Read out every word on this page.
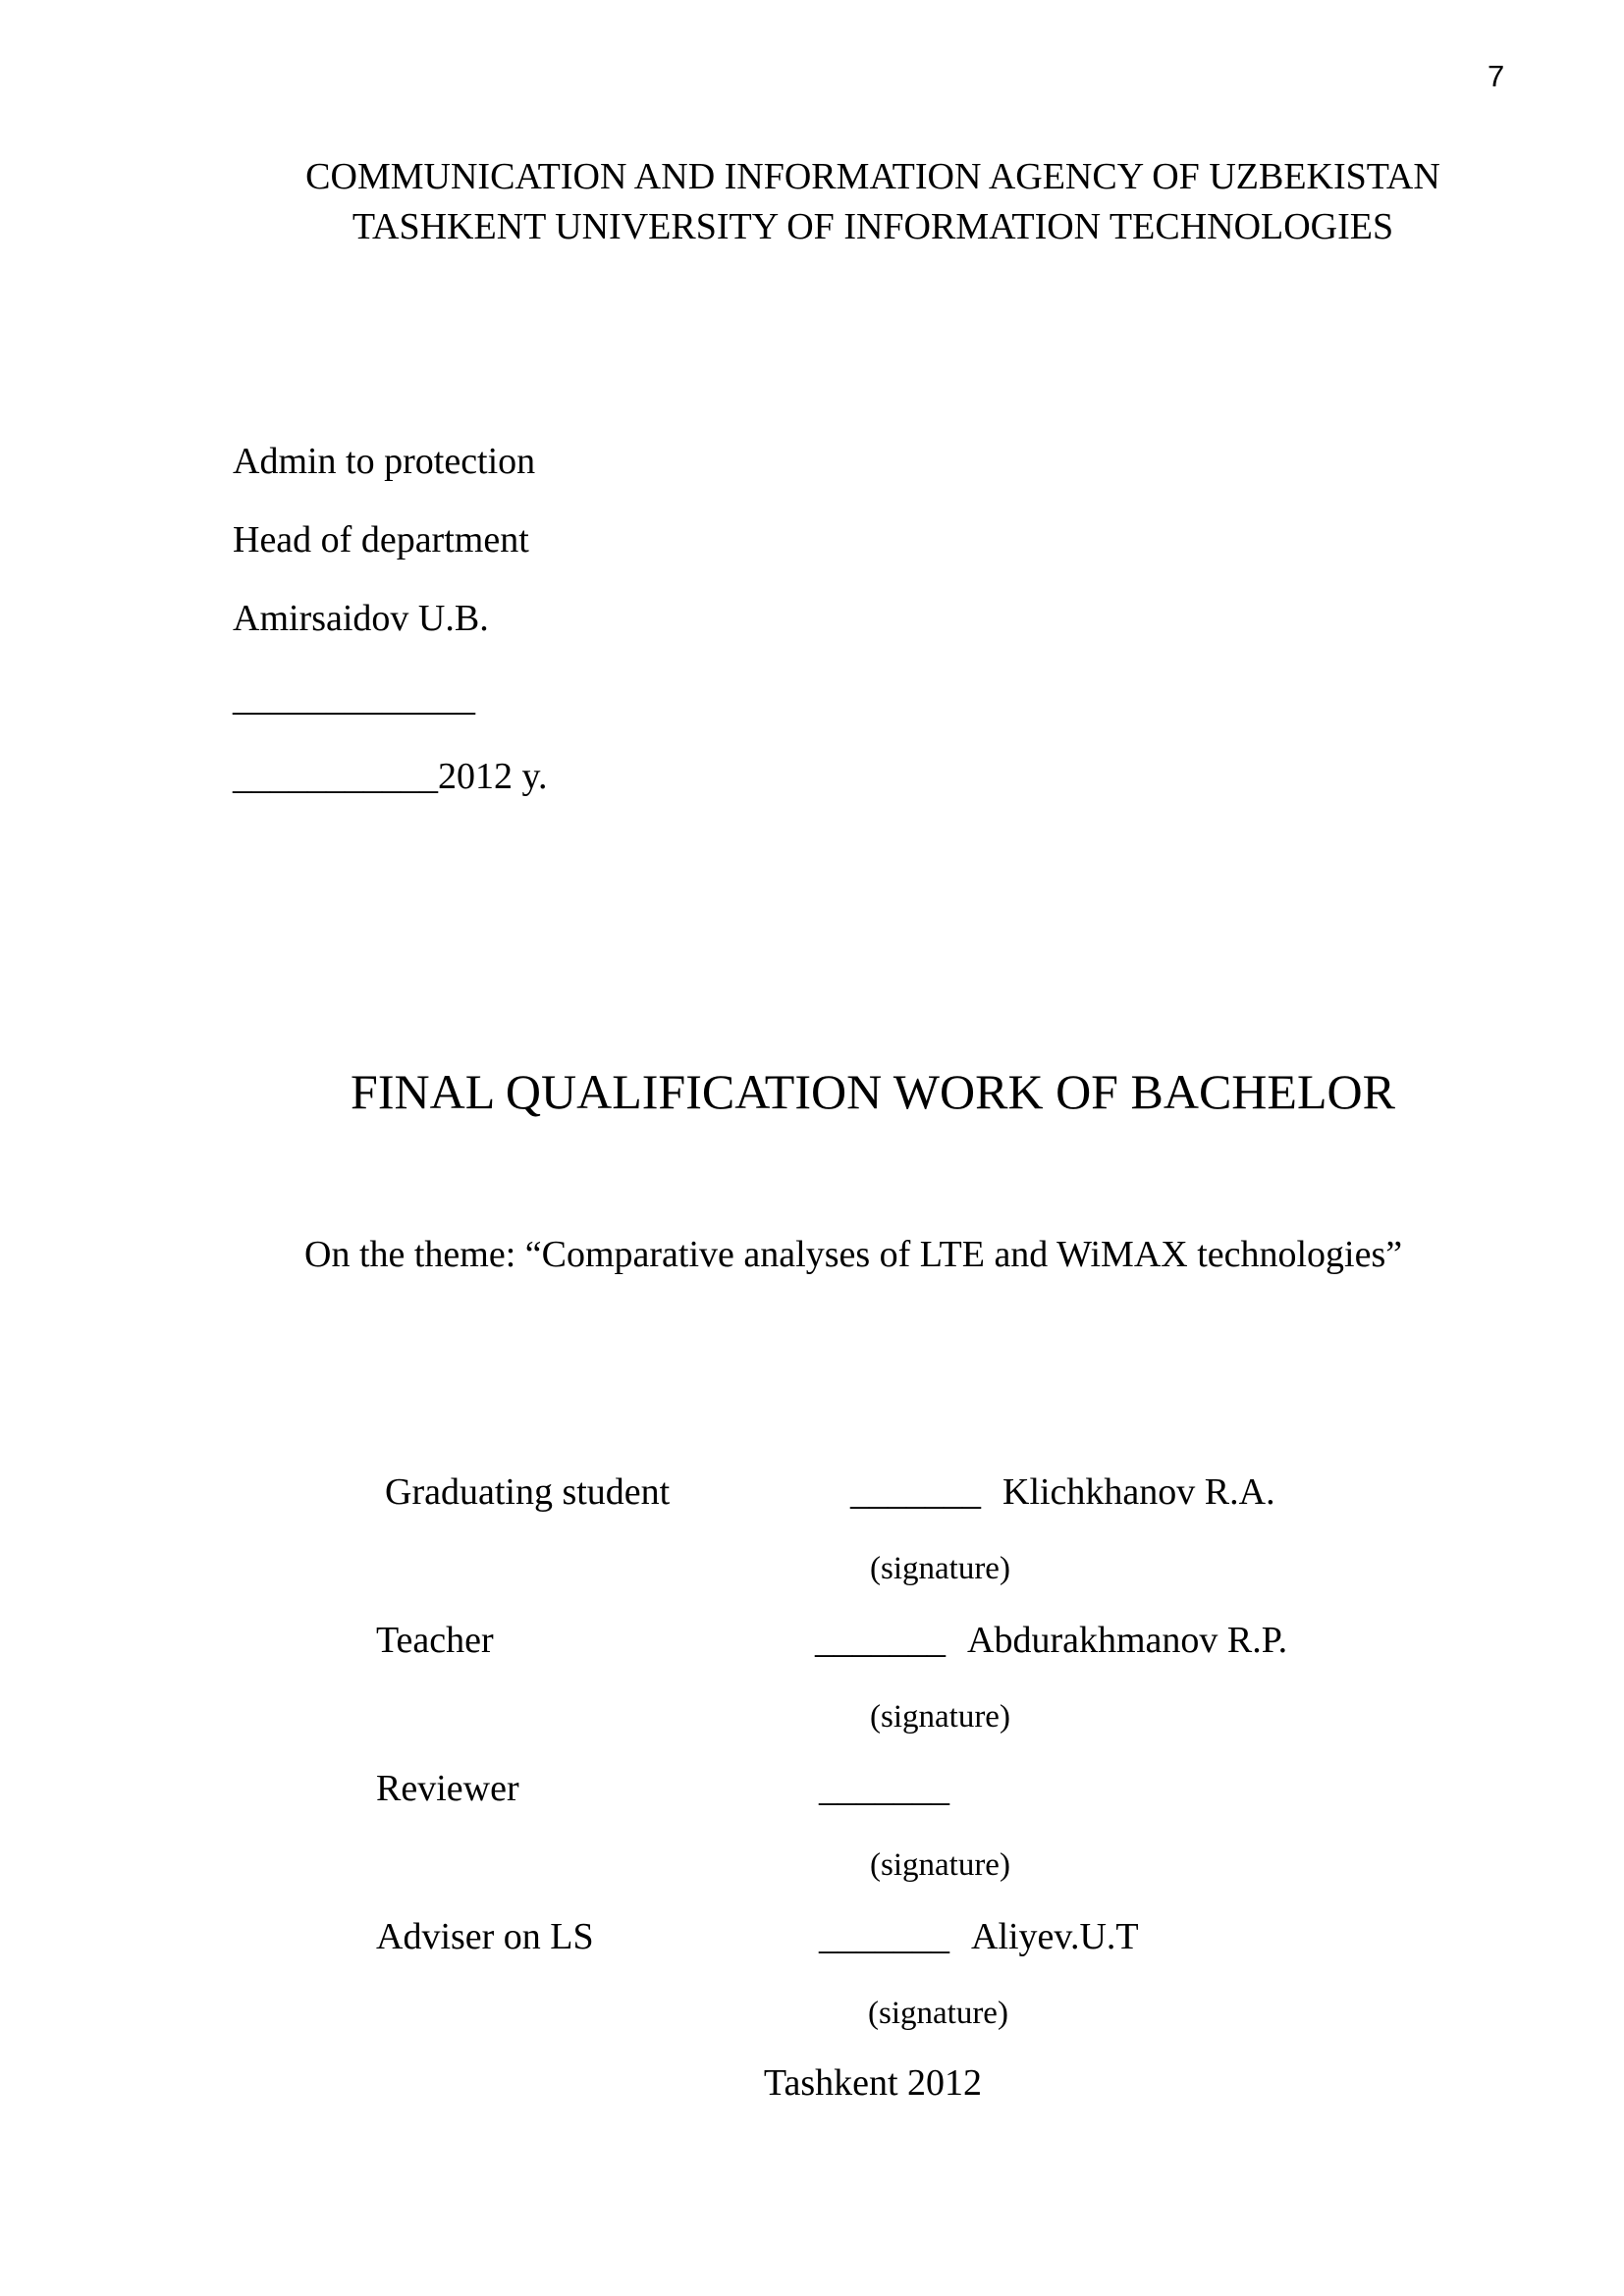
7
COMMUNICATION AND INFORMATION AGENCY OF UZBEKISTAN
TASHKENT UNIVERSITY OF INFORMATION TECHNOLOGIES
Admin to protection
Head of department
Amirsaidov U.B.
_____________
___________2012 y.
FINAL QUALIFICATION WORK OF BACHELOR
On the theme: “Comparative analyses of LTE and WiMAX technologies”
Graduating student	_______ Klichkhanov R.A.
(signature)
Teacher	_______ Abdurakhmanov R.P.
(signature)
Reviewer	_______
(signature)
Adviser on LS	_______ Aliyev.U.T
(signature)
Tashkent 2012
